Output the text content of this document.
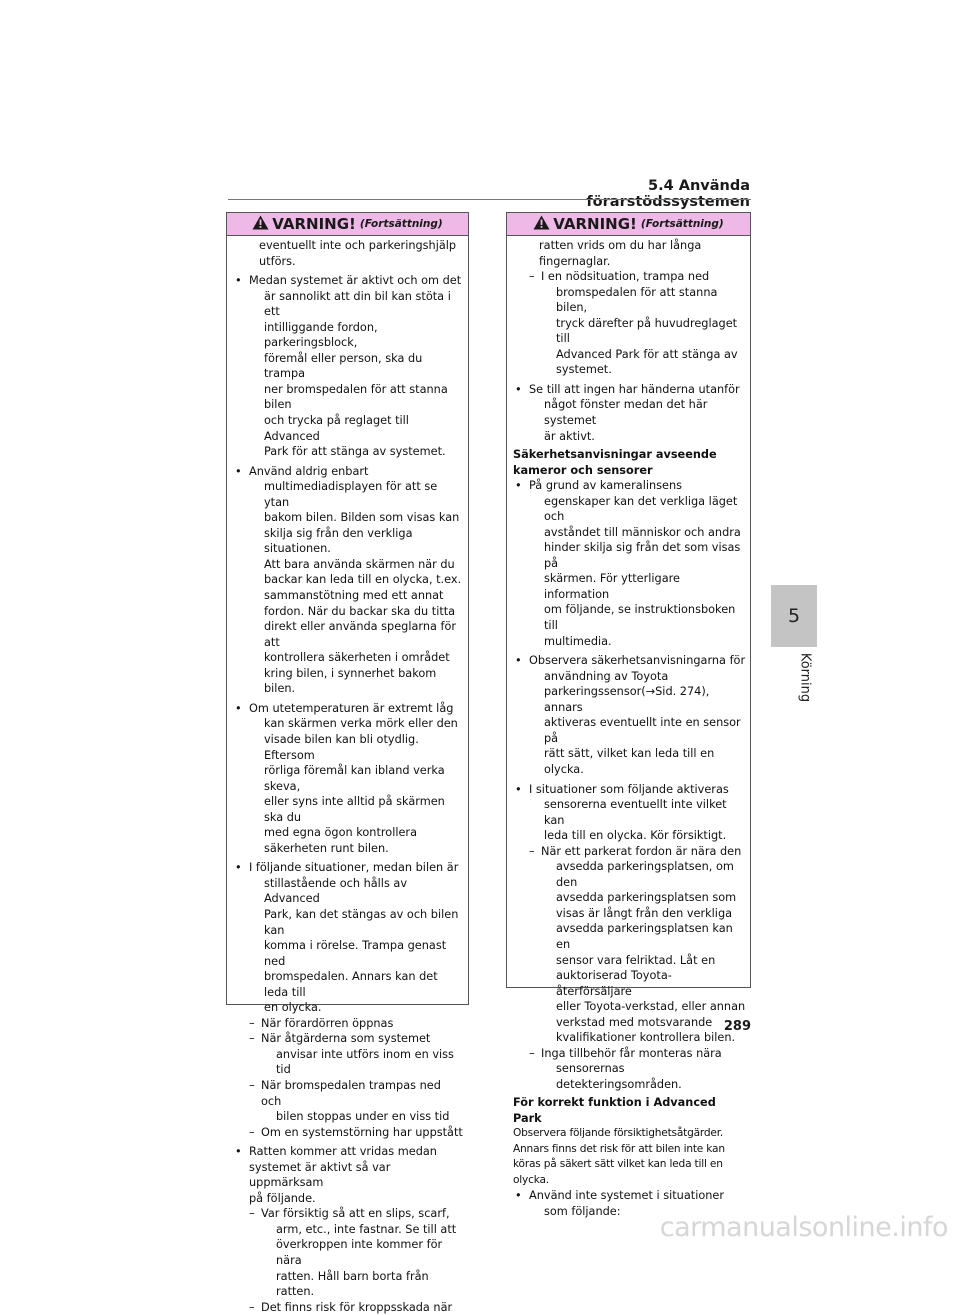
5.4 Använda förarstödssystemen
VARNING! (Fortsättning)
eventuellt inte och parkeringshjälp
utförs.
• Medan systemet är aktivt och om det
är sannolikt att din bil kan stöta i ett
intilliggande fordon, parkeringsblock,
föremål eller person, ska du trampa
ner bromspedalen för att stanna bilen
och trycka på reglaget till Advanced
Park för att stänga av systemet.
• Använd aldrig enbart
multimediadisplayen för att se ytan
bakom bilen. Bilden som visas kan
skilja sig från den verkliga situationen.
Att bara använda skärmen när du
backar kan leda till en olycka, t.ex.
sammanstötning med ett annat
fordon. När du backar ska du titta
direkt eller använda speglarna för att
kontrollera säkerheten i området
kring bilen, i synnerhet bakom bilen.
• Om utetemperaturen är extremt låg
kan skärmen verka mörk eller den
visade bilen kan bli otydlig. Eftersom
rörliga föremål kan ibland verka skeva,
eller syns inte alltid på skärmen ska du
med egna ögon kontrollera
säkerheten runt bilen.
• I följande situationer, medan bilen är
stillastående och hålls av Advanced
Park, kan det stängas av och bilen kan
komma i rörelse. Trampa genast ned
bromspedalen. Annars kan det leda till
en olycka.
– När förardörren öppnas
– När åtgärderna som systemet
anvisar inte utförs inom en viss tid
– När bromspedalen trampas ned och
bilen stoppas under en viss tid
– Om en systemstörning har uppstått
• Ratten kommer att vridas medan
systemet är aktivt så var uppmärksam
på följande.
– Var försiktig så att en slips, scarf,
arm, etc., inte fastnar. Se till att
överkroppen inte kommer för nära
ratten. Håll barn borta från ratten.
– Det finns risk för kroppsskada när
VARNING! (Fortsättning)
ratten vrids om du har långa
fingernaglar.
– I en nödsituation, trampa ned
bromspedalen för att stanna bilen,
tryck därefter på huvudreglaget till
Advanced Park för att stänga av
systemet.
• Se till att ingen har händerna utanför
något fönster medan det här systemet
är aktivt.
Säkerhetsanvisningar avseende
kameror och sensorer
• På grund av kameralinsens
egenskaper kan det verkliga läget och
avståndet till människor och andra
hinder skilja sig från det som visas på
skärmen. För ytterligare information
om följande, se instruktionsboken till
multimedia.
• Observera säkerhetsanvisningarna för
användning av Toyota
parkeringssensor(→Sid. 274), annars
aktiveras eventuellt inte en sensor på
rätt sätt, vilket kan leda till en olycka.
• I situationer som följande aktiveras
sensorerna eventuellt inte vilket kan
leda till en olycka. Kör försiktigt.
– När ett parkerat fordon är nära den
avsedda parkeringsplatsen, om den
avsedda parkeringsplatsen som
visas är långt från den verkliga
avsedda parkeringsplatsen kan en
sensor vara felriktad. Låt en
auktoriserad Toyota-återförsäljare
eller Toyota-verkstad, eller annan
verkstad med motsvarande
kvalifikationer kontrollera bilen.
– Inga tillbehör får monteras nära
sensorernas detekteringsområden.
För korrekt funktion i Advanced Park
Observera följande försiktighetsåtgärder.
Annars finns det risk för att bilen inte kan
köras på säkert sätt vilket kan leda till en
olycka.
• Använd inte systemet i situationer
som följande:
5
Körning
289
carmanualsonline.info
